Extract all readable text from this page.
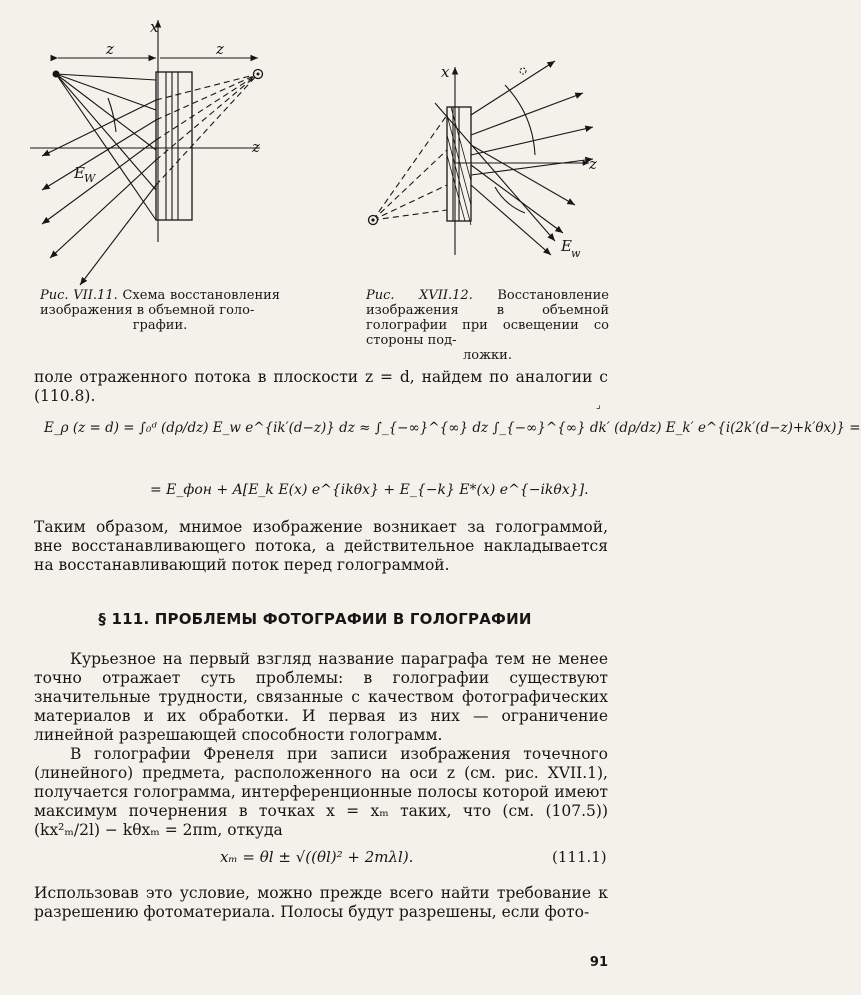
x
z
z	z
E W
Рис. VII.11. Схема восстановления изображения в объемной голо-
графии.
x
z
E w
Рис. XVII.12. Восстановление изображения в объемной голографии при освещении со стороны под-
ложки.

поле отраженного потока в плоскости z = d, найдем по аналогии с (110.8).

⌟
E_ρ (z = d) = ∫₀ᵈ (dρ/dz) E_w e^{ik′(d−z)} dz ≈ ∫_{−∞}^{∞} dz ∫_{−∞}^{∞} dk′ (dρ/dz) E_k′ e^{i(2k′(d−z)+k′θx)} =
= E_фон + A[E_k E(x) e^{ikθx} + E_{−k} E*(x) e^{−ikθx}].

Таким образом, мнимое изображение возникает за голограммой, вне восстанавливающего потока, а действительное накладывается на восстанавливающий поток перед голограммой.

§ 111. ПРОБЛЕМЫ ФОТОГРАФИИ В ГОЛОГРАФИИ

Курьезное на первый взгляд название параграфа тем не менее точно отражает суть проблемы: в голографии существуют значительные трудности, связанные с качеством фотографических материалов и их обработки. И первая из них — ограничение линейной разрешающей способности голограмм.

В голографии Френеля при записи изображения точечного (линейного) предмета, расположенного на оси z (см. рис. XVII.1), получается голограмма, интерференционные полосы которой имеют максимум почернения в точках x = xₘ таких, что (см. (107.5)) (kx²ₘ/2l) − kθxₘ = 2πm, откуда

xₘ = θl ± √((θl)² + 2mλl).	(111.1)

Использовав это условие, можно прежде всего найти требование к разрешению фотоматериала. Полосы будут разрешены, если фото-

91
